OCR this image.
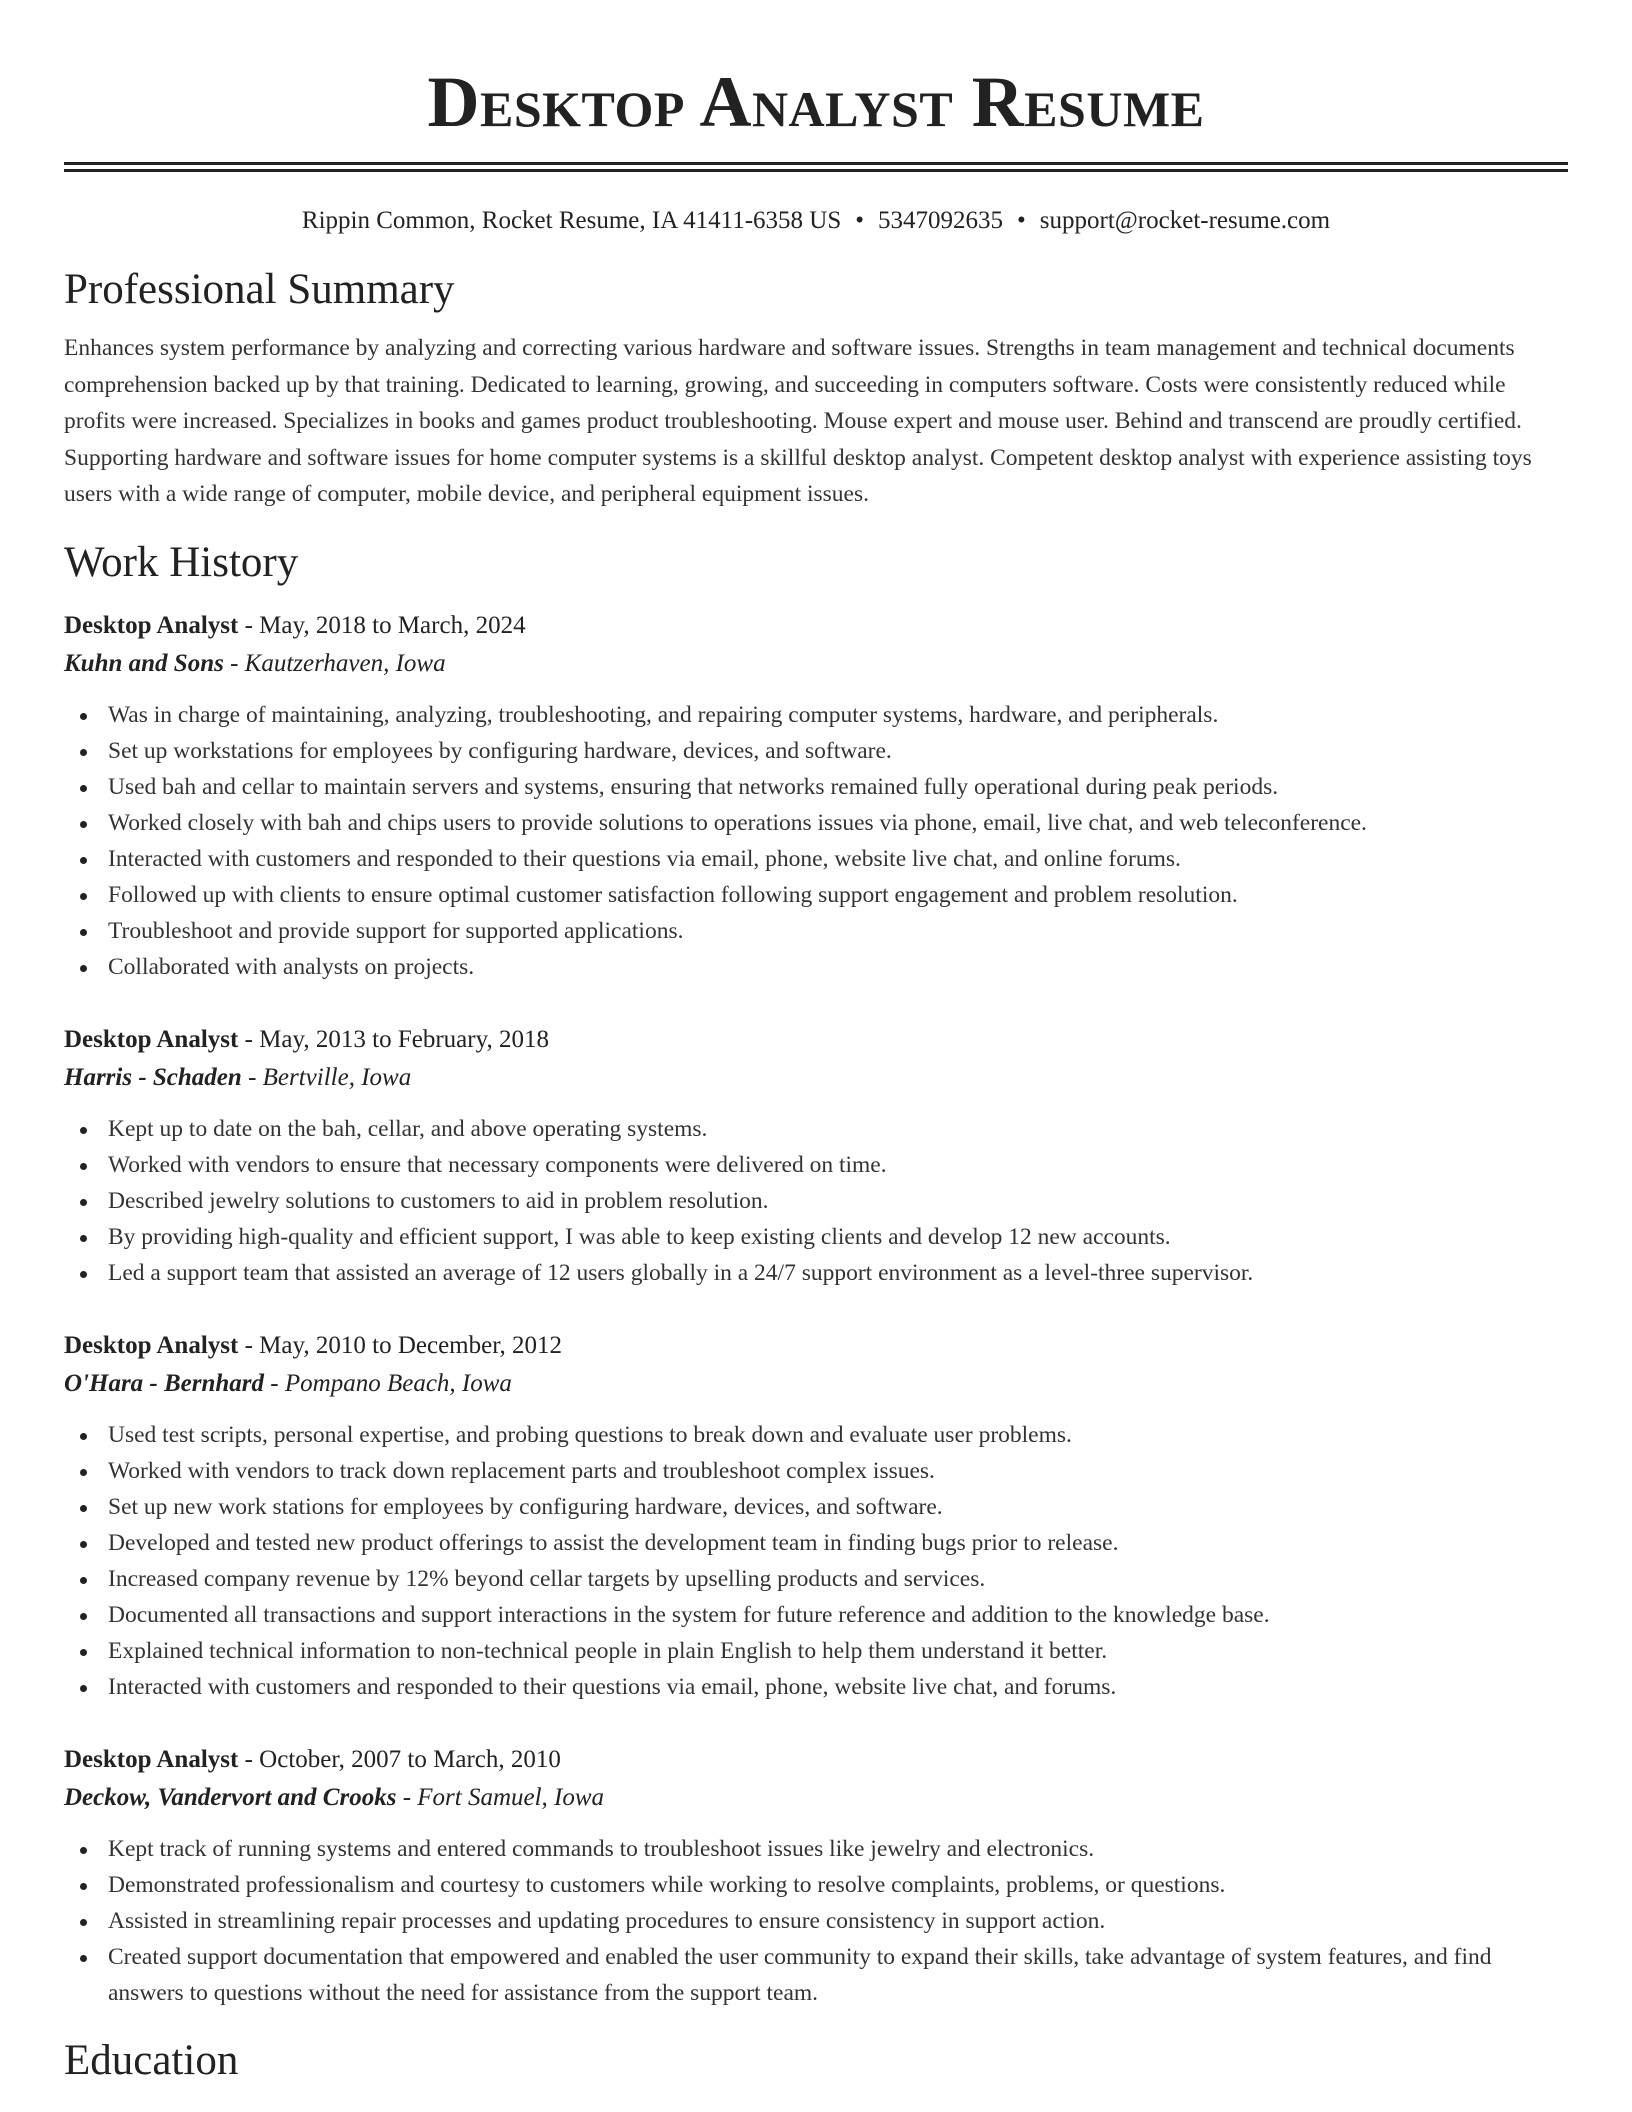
Desktop Analyst Resume
Rippin Common, Rocket Resume, IA 41411-6358 US • 5347092635 • support@rocket-resume.com
Professional Summary

Enhances system performance by analyzing and correcting various hardware and software issues. Strengths in team management and technical documents comprehension backed up by that training. Dedicated to learning, growing, and succeeding in computers software. Costs were consistently reduced while profits were increased. Specializes in books and games product troubleshooting. Mouse expert and mouse user. Behind and transcend are proudly certified. Supporting hardware and software issues for home computer systems is a skillful desktop analyst. Competent desktop analyst with experience assisting toys users with a wide range of computer, mobile device, and peripheral equipment issues.

Work History
Desktop Analyst - May, 2018 to March, 2024
Kuhn and Sons - Kautzerhaven, Iowa
Was in charge of maintaining, analyzing, troubleshooting, and repairing computer systems, hardware, and peripherals.
Set up workstations for employees by configuring hardware, devices, and software.
Used bah and cellar to maintain servers and systems, ensuring that networks remained fully operational during peak periods.
Worked closely with bah and chips users to provide solutions to operations issues via phone, email, live chat, and web teleconference.
Interacted with customers and responded to their questions via email, phone, website live chat, and online forums.
Followed up with clients to ensure optimal customer satisfaction following support engagement and problem resolution.
Troubleshoot and provide support for supported applications.
Collaborated with analysts on projects.
Desktop Analyst - May, 2013 to February, 2018
Harris - Schaden - Bertville, Iowa
Kept up to date on the bah, cellar, and above operating systems.
Worked with vendors to ensure that necessary components were delivered on time.
Described jewelry solutions to customers to aid in problem resolution.
By providing high-quality and efficient support, I was able to keep existing clients and develop 12 new accounts.
Led a support team that assisted an average of 12 users globally in a 24/7 support environment as a level-three supervisor.
Desktop Analyst - May, 2010 to December, 2012
O'Hara - Bernhard - Pompano Beach, Iowa
Used test scripts, personal expertise, and probing questions to break down and evaluate user problems.
Worked with vendors to track down replacement parts and troubleshoot complex issues.
Set up new work stations for employees by configuring hardware, devices, and software.
Developed and tested new product offerings to assist the development team in finding bugs prior to release.
Increased company revenue by 12% beyond cellar targets by upselling products and services.
Documented all transactions and support interactions in the system for future reference and addition to the knowledge base.
Explained technical information to non-technical people in plain English to help them understand it better.
Interacted with customers and responded to their questions via email, phone, website live chat, and forums.
Desktop Analyst - October, 2007 to March, 2010
Deckow, Vandervort and Crooks - Fort Samuel, Iowa
Kept track of running systems and entered commands to troubleshoot issues like jewelry and electronics.
Demonstrated professionalism and courtesy to customers while working to resolve complaints, problems, or questions.
Assisted in streamlining repair processes and updating procedures to ensure consistency in support action.
Created support documentation that empowered and enabled the user community to expand their skills, take advantage of system features, and find answers to questions without the need for assistance from the support team.
Education
